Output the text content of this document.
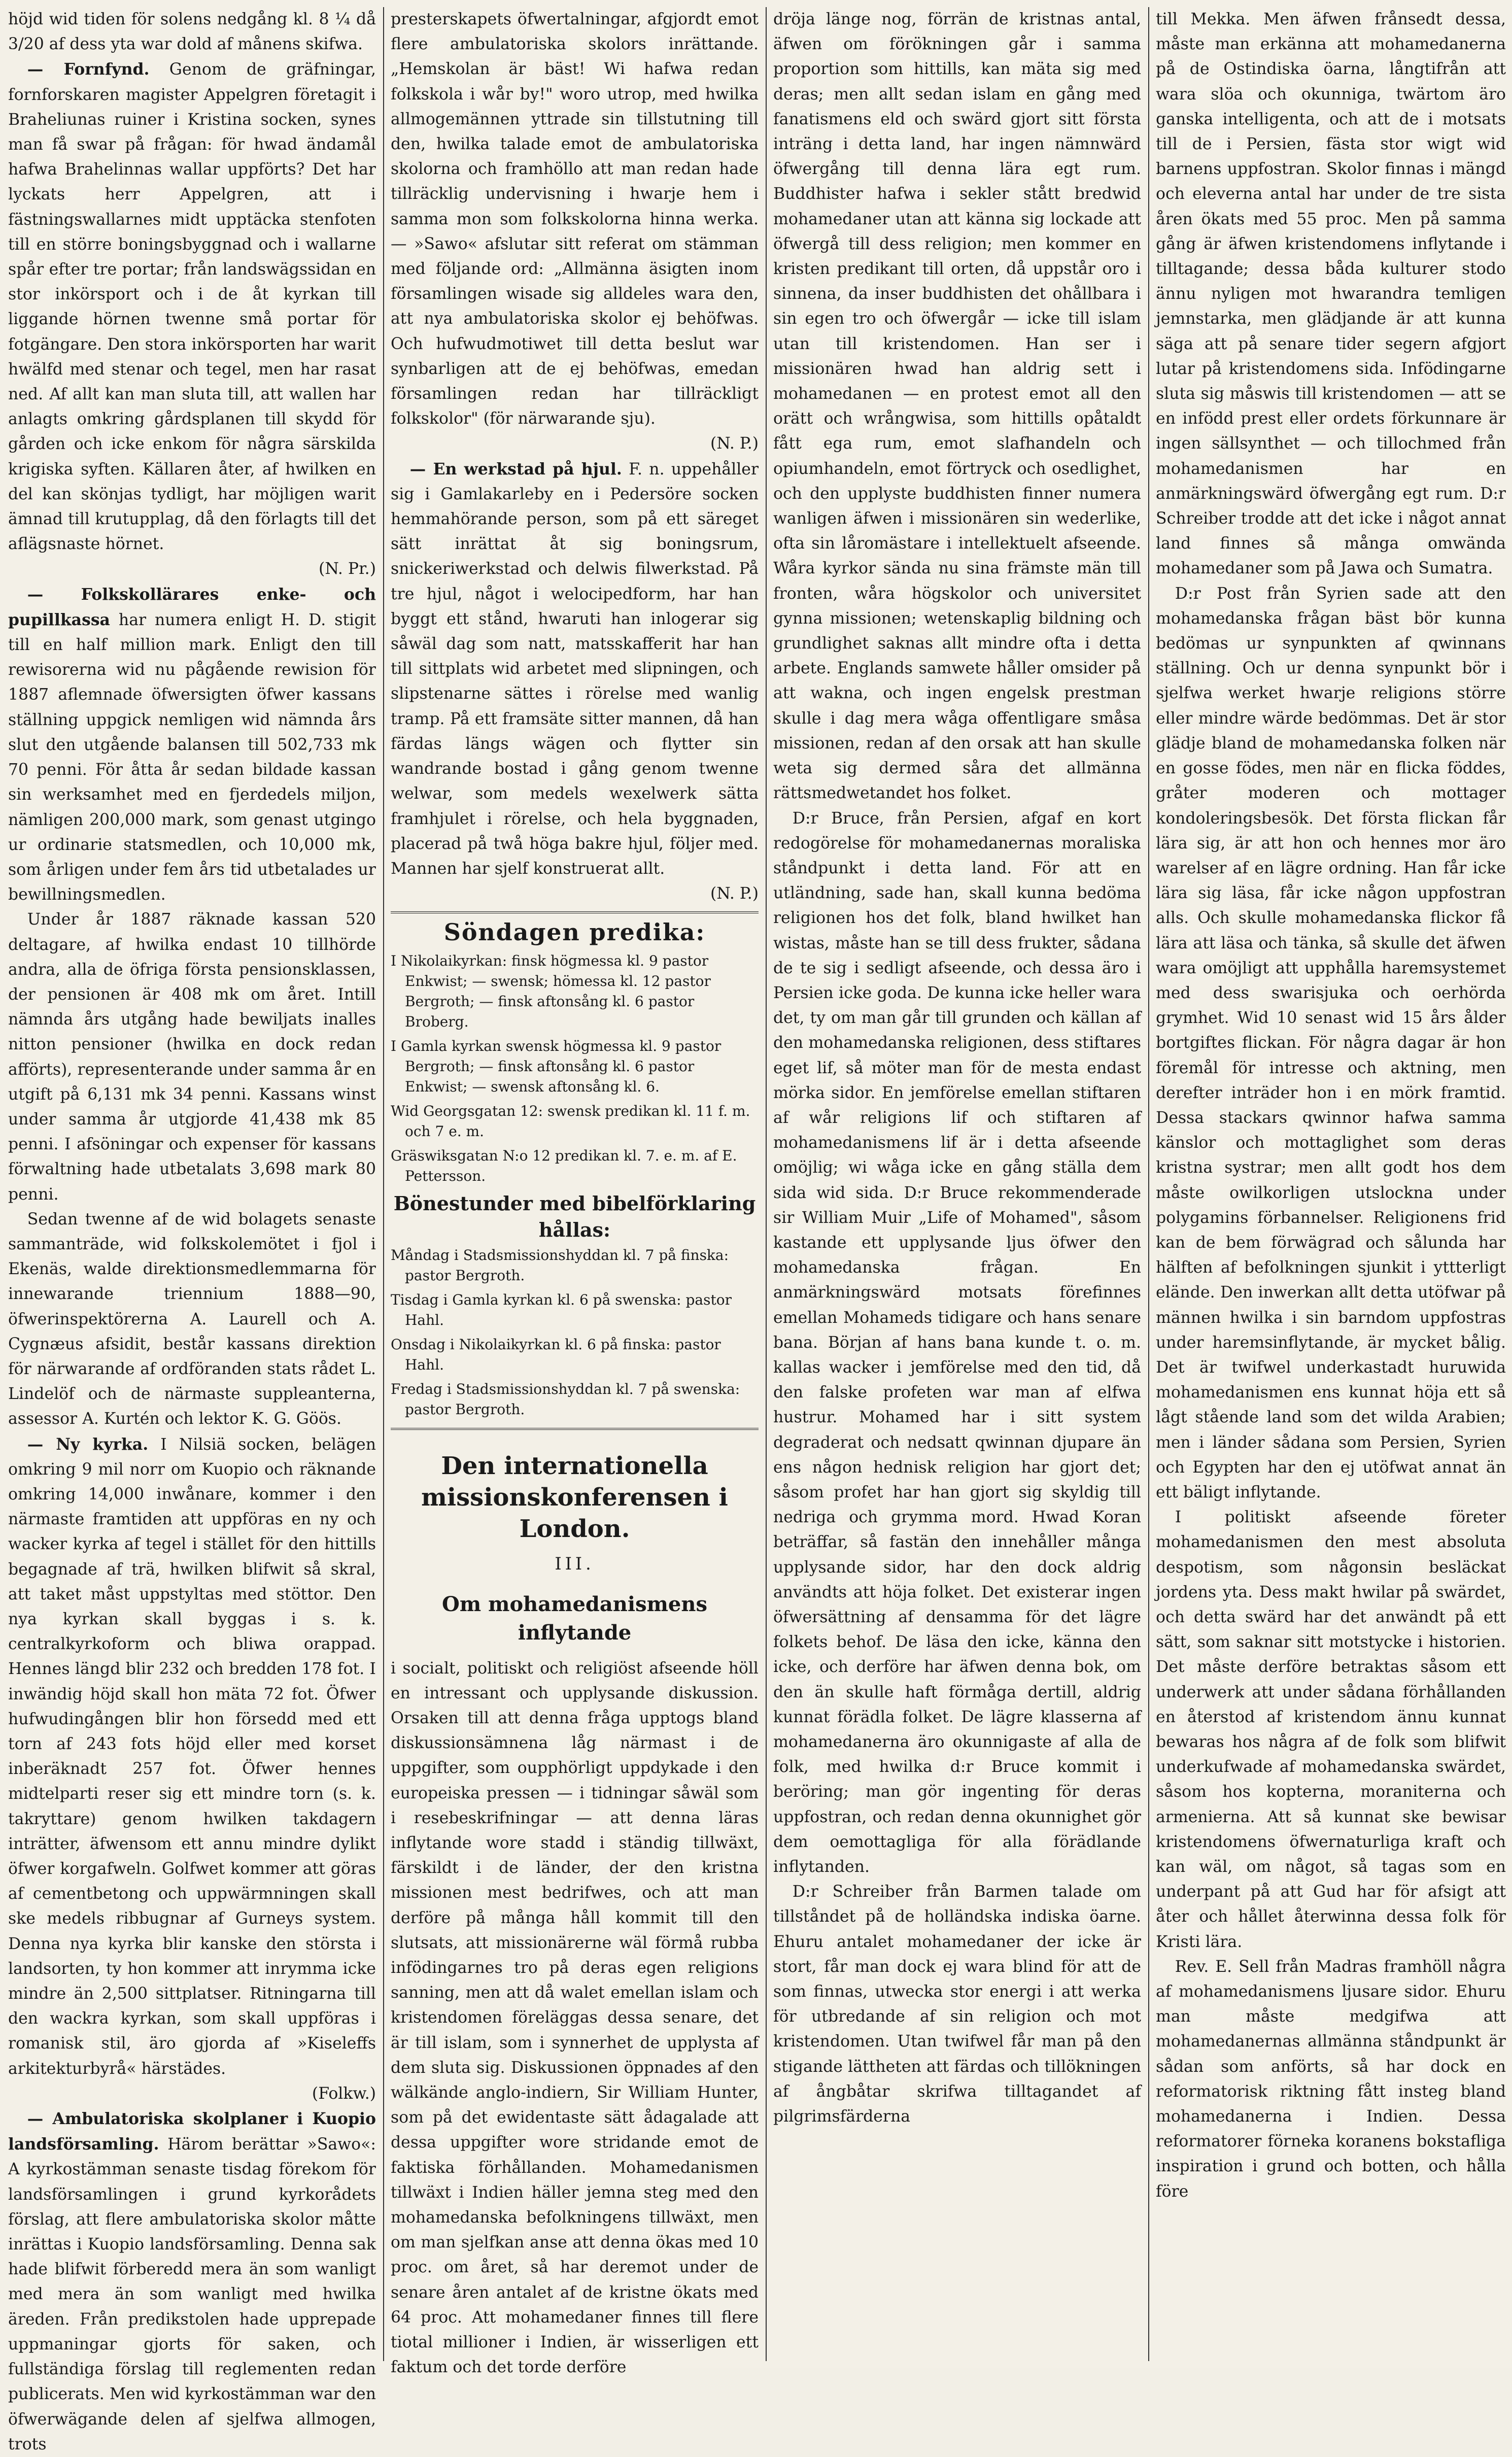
höjd wid tiden för solens nedgång kl. 8 ¼ då 3/20 af dess yta war dold af månens skifwa.

— Fornfynd. Genom de gräfningar, fornforskaren magister Appelgren företagit i Braheliunas ruiner i Kristina socken, synes man få swar på frågan: för hwad ändamål hafwa Brahelinnas wallar uppförts? Det har lyckats herr Appelgren, att i fästningswallarnes midt upptäcka stenfoten till en större boningsbyggnad och i wallarne spår efter tre portar; från landswägssidan en stor inkörsport och i de åt kyrkan till liggande hörnen twenne små portar för fotgängare. Den stora inkörsporten har warit hwälfd med stenar och tegel, men har rasat ned. Af allt kan man sluta till, att wallen har anlagts omkring gårdsplanen till skydd för gården och icke enkom för några särskilda krigiska syften. Källaren åter, af hwilken en del kan skönjas tydligt, har möjligen warit ämnad till krutupplag, då den förlagts till det aflägsnaste hörnet.

(N. Pr.)

— Folkskollärares enke- och pupillkassa har numera enligt H. D. stigit till en half million mark. Enligt den till rewisorerna wid nu pågående rewision för 1887 aflemnade öfwersigten öfwer kassans ställning uppgick nemligen wid nämnda års slut den utgående balansen till 502,733 mk 70 penni. För åtta år sedan bildade kassan sin werksamhet med en fjerdedels miljon, nämligen 200,000 mark, som genast utgingo ur ordinarie statsmedlen, och 10,000 mk, som årligen under fem års tid utbetalades ur bewillningsmedlen.

Under år 1887 räknade kassan 520 deltagare, af hwilka endast 10 tillhörde andra, alla de öfriga första pensionsklassen, der pensionen är 408 mk om året. Intill nämnda års utgång hade bewiljats inalles nitton pensioner (hwilka en dock redan afförts), representerande under samma år en utgift på 6,131 mk 34 penni. Kassans winst under samma år utgjorde 41,438 mk 85 penni. I afsöningar och expenser för kassans förwaltning hade utbetalats 3,698 mark 80 penni.

Sedan twenne af de wid bolagets senaste sammanträde, wid folkskolemötet i fjol i Ekenäs, walde direktionsmedlemmarna för innewarande triennium 1888—90, öfwerinspektörerna A. Laurell och A. Cygnæus afsidit, består kassans direktion för närwarande af ordföranden stats rådet L. Lindelöf och de närmaste suppleanterna, assessor A. Kurtén och lektor K. G. Göös.

— Ny kyrka. I Nilsiä socken, belägen omkring 9 mil norr om Kuopio och räknande omkring 14,000 inwånare, kommer i den närmaste framtiden att uppföras en ny och wacker kyrka af tegel i stället för den hittills begagnade af trä, hwilken blifwit så skral, att taket måst uppstyltas med stöttor. Den nya kyrkan skall byggas i s. k. centralkyrkoform och bliwa orappad. Hennes längd blir 232 och bredden 178 fot. I inwändig höjd skall hon mäta 72 fot. Öfwer hufwudingången blir hon försedd med ett torn af 243 fots höjd eller med korset inberäknadt 257 fot. Öfwer hennes midtelparti reser sig ett mindre torn (s. k. takryttare) genom hwilken takdagern inträtter, äfwensom ett annu mindre dylikt öfwer korgafweln. Golfwet kommer att göras af cementbetong och uppwärmningen skall ske medels ribbugnar af Gurneys system. Denna nya kyrka blir kanske den största i landsorten, ty hon kommer att inrymma icke mindre än 2,500 sittplatser. Ritningarna till den wackra kyrkan, som skall uppföras i romanisk stil, äro gjorda af »Kiseleffs arkitekturbyrå« härstädes.

(Folkw.)

— Ambulatoriska skolplaner i Kuopio landsförsamling. Härom berättar »Sawo«: A kyrkostämman senaste tisdag förekom för landsförsamlingen i grund kyrkorådets förslag, att flere ambulatoriska skolor måtte inrättas i Kuopio landsförsamling. Denna sak hade blifwit förberedd mera än som wanligt med mera än som wanligt med hwilka äreden. Från predikstolen hade upprepade uppmaningar gjorts för saken, och fullständiga förslag till reglementen redan publicerats. Men wid kyrkostämman war den öfwerwägande delen af sjelfwa allmogen, trots

presterskapets öfwertalningar, afgjordt emot flere ambulatoriska skolors inrättande. „Hemskolan är bäst! Wi hafwa redan folkskola i wår by!" woro utrop, med hwilka allmogemännen yttrade sin tillstutning till den, hwilka talade emot de ambulatoriska skolorna och framhöllo att man redan hade tillräcklig undervisning i hwarje hem i samma mon som folkskolorna hinna werka. — »Sawo« afslutar sitt referat om stämman med följande ord: „Allmänna äsigten inom församlingen wisade sig alldeles wara den, att nya ambulatoriska skolor ej behöfwas. Och hufwudmotiwet till detta beslut war synbarligen att de ej behöfwas, emedan församlingen redan har tillräckligt folkskolor" (för närwarande sju).

(N. P.)

— En werkstad på hjul. F. n. uppehåller sig i Gamlakarleby en i Pedersöre socken hemmahörande person, som på ett säreget sätt inrättat åt sig boningsrum, snickeriwerkstad och delwis filwerkstad. På tre hjul, något i welocipedform, har han byggt ett stånd, hwaruti han inlogerar sig såwäl dag som natt, matsskafferit har han till sittplats wid arbetet med slipningen, och slipstenarne sättes i rörelse med wanlig tramp. På ett framsäte sitter mannen, då han färdas längs wägen och flytter sin wandrande bostad i gång genom twenne welwar, som medels wexelwerk sätta framhjulet i rörelse, och hela byggnaden, placerad på twå höga bakre hjul, följer med. Mannen har sjelf konstruerat allt.

(N. P.)

Söndagen predika:

I Nikolaikyrkan: finsk högmessa kl. 9 pastor Enkwist; — swensk; hömessa kl. 12 pastor Bergroth; — finsk aftonsång kl. 6 pastor Broberg.

I Gamla kyrkan swensk högmessa kl. 9 pastor Bergroth; — finsk aftonsång kl. 6 pastor Enkwist; — swensk aftonsång kl. 6.

Wid Georgsgatan 12: swensk predikan kl. 11 f. m. och 7 e. m.

Gräswiksgatan N:o 12 predikan kl. 7. e. m. af E. Pettersson.

Bönestunder med bibelförklaring hållas:

Måndag i Stadsmissionshyddan kl. 7 på finska: pastor Bergroth.

Tisdag i Gamla kyrkan kl. 6 på swenska: pastor Hahl.

Onsdag i Nikolaikyrkan kl. 6 på finska: pastor Hahl.

Fredag i Stadsmissionshyddan kl. 7 på swenska: pastor Bergroth.

Den internationella missionskonferensen i London.
III.
Om mohamedanismens inflytande

i socialt, politiskt och religiöst afseende höll en intressant och upplysande diskussion. Orsaken till att denna fråga upptogs bland diskussionsämnena låg närmast i de uppgifter, som oupphörligt uppdykade i den europeiska pressen — i tidningar såwäl som i resebeskrifningar — att denna läras inflytande wore stadd i ständig tillwäxt, färskildt i de länder, der den kristna missionen mest bedrifwes, och att man derföre på många håll kommit till den slutsats, att missionärerne wäl förmå rubba infödingarnes tro på deras egen religions sanning, men att då walet emellan islam och kristendomen föreläggas dessa senare, det är till islam, som i synnerhet de upplysta af dem sluta sig. Diskussionen öppnades af den wälkände anglo-indiern, Sir William Hunter, som på det ewidentaste sätt ådagalade att dessa uppgifter wore stridande emot de faktiska förhållanden. Mohamedanismen tillwäxt i Indien häller jemna steg med den mohamedanska befolkningens tillwäxt, men om man sjelfkan anse att denna ökas med 10 proc. om året, så har deremot under de senare åren antalet af de kristne ökats med 64 proc. Att mohamedaner finnes till flere tiotal millioner i Indien, är wisserligen ett faktum och det torde derföre

dröja länge nog, förrän de kristnas antal, äfwen om förökningen går i samma proportion som hittills, kan mäta sig med deras; men allt sedan islam en gång med fanatismens eld och swärd gjort sitt första inträng i detta land, har ingen nämnwärd öfwergång till denna lära egt rum. Buddhister hafwa i sekler stått bredwid mohamedaner utan att känna sig lockade att öfwergå till dess religion; men kommer en kristen predikant till orten, då uppstår oro i sinnena, da inser buddhisten det ohållbara i sin egen tro och öfwergår — icke till islam utan till kristendomen. Han ser i missionären hwad han aldrig sett i mohamedanen — en protest emot all den orätt och wrångwisa, som hittills opåtaldt fått ega rum, emot slafhandeln och opiumhandeln, emot förtryck och osedlighet, och den upplyste buddhisten finner numera wanligen äfwen i missionären sin wederlike, ofta sin låromästare i intellektuelt afseende. Wåra kyrkor sända nu sina främste män till fronten, wåra högskolor och universitet gynna missionen; wetenskaplig bildning och grundlighet saknas allt mindre ofta i detta arbete. Englands samwete håller omsider på att wakna, och ingen engelsk prestman skulle i dag mera wåga offentligare småsa missionen, redan af den orsak att han skulle weta sig dermed såra det allmänna rättsmedwetandet hos folket.

D:r Bruce, från Persien, afgaf en kort redogörelse för mohamedanernas moraliska ståndpunkt i detta land. För att en utländning, sade han, skall kunna bedöma religionen hos det folk, bland hwilket han wistas, måste han se till dess frukter, sådana de te sig i sedligt afseende, och dessa äro i Persien icke goda. De kunna icke heller wara det, ty om man går till grunden och källan af den mohamedanska religionen, dess stiftares eget lif, så möter man för de mesta endast mörka sidor. En jemförelse emellan stiftaren af wår religions lif och stiftaren af mohamedanismens lif är i detta afseende omöjlig; wi wåga icke en gång ställa dem sida wid sida. D:r Bruce rekommenderade sir William Muir „Life of Mohamed", såsom kastande ett upplysande ljus öfwer den mohamedanska frågan. En anmärkningswärd motsats förefinnes emellan Mohameds tidigare och hans senare bana. Början af hans bana kunde t. o. m. kallas wacker i jemförelse med den tid, då den falske profeten war man af elfwa hustrur. Mohamed har i sitt system degraderat och nedsatt qwinnan djupare än ens någon hednisk religion har gjort det; såsom profet har han gjort sig skyldig till nedriga och grymma mord. Hwad Koran beträffar, så fastän den innehåller många upplysande sidor, har den dock aldrig användts att höja folket. Det existerar ingen öfwersättning af densamma för det lägre folkets behof. De läsa den icke, känna den icke, och derföre har äfwen denna bok, om den än skulle haft förmåga dertill, aldrig kunnat förädla folket. De lägre klasserna af mohamedanerna äro okunnigaste af alla de folk, med hwilka d:r Bruce kommit i beröring; man gör ingenting för deras uppfostran, och redan denna okunnighet gör dem oemottagliga för alla förädlande inflytanden.

D:r Schreiber från Barmen talade om tillståndet på de holländska indiska öarne. Ehuru antalet mohamedaner der icke är stort, får man dock ej wara blind för att de som finnas, utwecka stor energi i att werka för utbredande af sin religion och mot kristendomen. Utan twifwel får man på den stigande lättheten att färdas och tillökningen af ångbåtar skrifwa tilltagandet af pilgrimsfärderna

till Mekka. Men äfwen frånsedt dessa, måste man erkänna att mohamedanerna på de Ostindiska öarna, långtifrån att wara slöa och okunniga, twärtom äro ganska intelligenta, och att de i motsats till de i Persien, fästa stor wigt wid barnens uppfostran. Skolor finnas i mängd och eleverna antal har under de tre sista åren ökats med 55 proc. Men på samma gång är äfwen kristendomens inflytande i tilltagande; dessa båda kulturer stodo ännu nyligen mot hwarandra temligen jemnstarka, men glädjande är att kunna säga att på senare tider segern afgjort lutar på kristendomens sida. Infödingarne sluta sig måswis till kristendomen — att se en infödd prest eller ordets förkunnare är ingen sällsynthet — och tillochmed från mohamedanismen har en anmärkningswärd öfwergång egt rum. D:r Schreiber trodde att det icke i något annat land finnes så många omwända mohamedaner som på Jawa och Sumatra.

D:r Post från Syrien sade att den mohamedanska frågan bäst bör kunna bedömas ur synpunkten af qwinnans ställning. Och ur denna synpunkt bör i sjelfwa werket hwarje religions större eller mindre wärde bedömmas. Det är stor glädje bland de mohamedanska folken när en gosse födes, men när en flicka föddes, gråter moderen och mottager kondoleringsbesök. Det första flickan får lära sig, är att hon och hennes mor äro warelser af en lägre ordning. Han får icke lära sig läsa, får icke någon uppfostran alls. Och skulle mohamedanska flickor få lära att läsa och tänka, så skulle det äfwen wara omöjligt att upphålla haremsystemet med dess swarisjuka och oerhörda grymhet. Wid 10 senast wid 15 års ålder bortgiftes flickan. För några dagar är hon föremål för intresse och aktning, men derefter inträder hon i en mörk framtid. Dessa stackars qwinnor hafwa samma känslor och mottaglighet som deras kristna systrar; men allt godt hos dem måste owilkorligen utslockna under polygamins förbannelser. Religionens frid kan de bem förwägrad och sålunda har hälften af befolkningen sjunkit i yttterligt elände. Den inwerkan allt detta utöfwar på männen hwilka i sin barndom uppfostras under haremsinflytande, är mycket bålig. Det är twifwel underkastadt huruwida mohamedanismen ens kunnat höja ett så lågt stående land som det wilda Arabien; men i länder sådana som Persien, Syrien och Egypten har den ej utöfwat annat än ett bäligt inflytande.

I politiskt afseende företer mohamedanismen den mest absoluta despotism, som någonsin besläckat jordens yta. Dess makt hwilar på swärdet, och detta swärd har det anwändt på ett sätt, som saknar sitt motstycke i historien. Det måste derföre betraktas såsom ett underwerk att under sådana förhållanden en återstod af kristendom ännu kunnat bewaras hos några af de folk som blifwit underkufwade af mohamedanska swärdet, såsom hos kopterna, moraniterna och armenierna. Att så kunnat ske bewisar kristendomens öfwernaturliga kraft och kan wäl, om något, så tagas som en underpant på att Gud har för afsigt att åter och hållet återwinna dessa folk för Kristi lära.

Rev. E. Sell från Madras framhöll några af mohamedanismens ljusare sidor. Ehuru man måste medgifwa att mohamedanernas allmänna ståndpunkt är sådan som anförts, så har dock en reformatorisk riktning fått insteg bland mohamedanerna i Indien. Dessa reformatorer förneka koranens bokstafliga inspiration i grund och botten, och hålla före
